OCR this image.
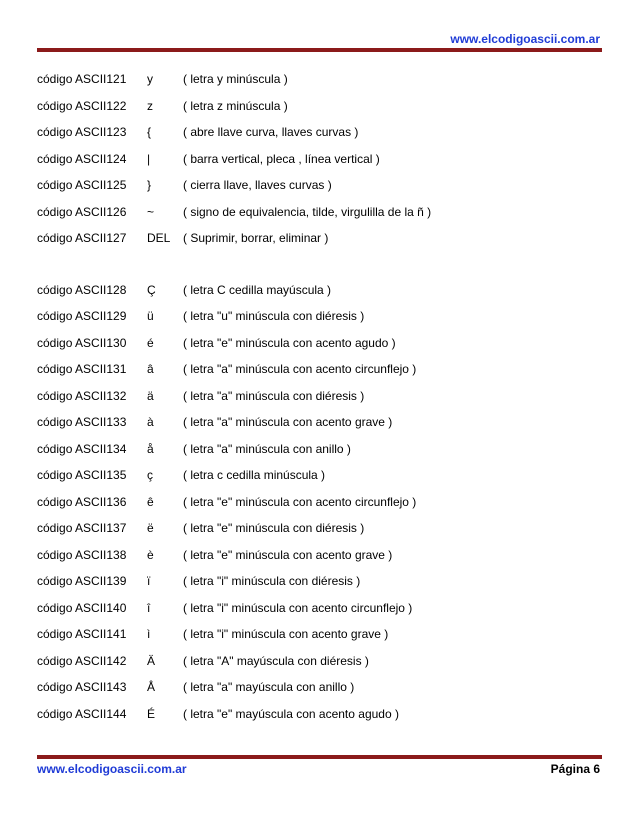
www.elcodigoascii.com.ar
código ASCII121	y	( letra y minúscula )
código ASCII122	z	( letra z minúscula )
código ASCII123	{	( abre llave curva, llaves curvas )
código ASCII124	|	( barra vertical, pleca , línea vertical )
código ASCII125	}	( cierra llave, llaves curvas )
código ASCII126	~	( signo de equivalencia, tilde, virgulilla de la ñ )
código ASCII127	DEL	( Suprimir, borrar, eliminar )
código ASCII128	Ç	( letra C cedilla mayúscula )
código ASCII129	ü	( letra "u" minúscula con diéresis )
código ASCII130	é	( letra "e" minúscula con acento agudo )
código ASCII131	â	( letra "a" minúscula con acento circunflejo )
código ASCII132	ä	( letra "a" minúscula con diéresis )
código ASCII133	à	( letra "a" minúscula con acento grave )
código ASCII134	å	( letra "a" minúscula con anillo )
código ASCII135	ç	( letra c cedilla minúscula )
código ASCII136	ê	( letra "e" minúscula con acento circunflejo )
código ASCII137	ë	( letra "e" minúscula con diéresis )
código ASCII138	è	( letra "e" minúscula con acento grave )
código ASCII139	ï	( letra "i" minúscula con diéresis )
código ASCII140	î	( letra "i" minúscula con acento circunflejo )
código ASCII141	ì	( letra "i" minúscula con acento grave )
código ASCII142	Ä	( letra "A" mayúscula con diéresis )
código ASCII143	Å	( letra "a" mayúscula con anillo )
código ASCII144	É	( letra "e" mayúscula con acento agudo )
www.elcodigoascii.com.ar	Página 6
